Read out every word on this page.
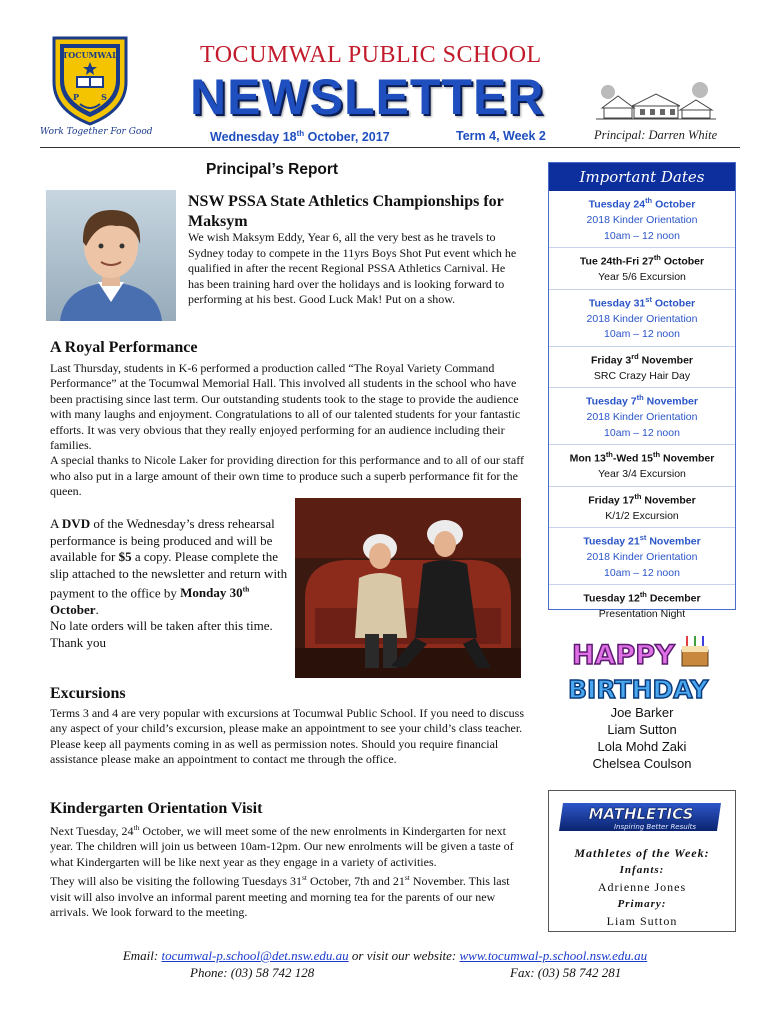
TOCUMWAL
P	S
Work Together For Good
TOCUMWAL PUBLIC SCHOOL
NEWSLETTER
Wednesday 18th October, 2017	Term 4, Week 2	Principal: Darren White
Principal’s Report
NSW PSSA State Athletics Championships for Maksym
We wish Maksym Eddy, Year 6, all the very best as he travels to Sydney today to compete in the 11yrs Boys Shot Put event which he qualified in after the recent Regional PSSA Athletics Carnival. He has been training hard over the holidays and is looking forward to performing at his best. Good Luck Mak! Put on a show.
A Royal Performance
Last Thursday, students in K-6 performed a production called “The Royal Variety Command Performance” at the Tocumwal Memorial Hall. This involved all students in the school who have been practising since last term. Our outstanding students took to the stage to provide the audience with many laughs and enjoyment. Congratulations to all of our talented students for your fantastic efforts. It was very obvious that they really enjoyed performing for an audience including their families.
A special thanks to Nicole Laker for providing direction for this performance and to all of our staff who also put in a large amount of their own time to produce such a superb performance fit for the queen.
A DVD of the Wednesday’s dress rehearsal performance is being produced and will be available for $5 a copy. Please complete the slip attached to the newsletter and return with payment to the office by Monday 30th October.
No late orders will be taken after this time. Thank you
Excursions
Terms 3 and 4 are very popular with excursions at Tocumwal Public School. If you need to discuss any aspect of your child’s excursion, please make an appointment to see your child’s class teacher. Please keep all payments coming in as well as permission notes. Should you require financial assistance please make an appointment to contact me through the office.
Kindergarten Orientation Visit
Next Tuesday, 24th October, we will meet some of the new enrolments in Kindergarten for next year. The children will join us between 10am-12pm. Our new enrolments will be given a taste of what Kindergarten will be like next year as they engage in a variety of activities.
They will also be visiting the following Tuesdays 31st October, 7th and 21st November. This last visit will also involve an informal parent meeting and morning tea for the parents of our new arrivals. We look forward to the meeting.
Important Dates
Tuesday 24th October
2018 Kinder Orientation
10am – 12 noon
Tue 24th-Fri 27th October
Year 5/6 Excursion
Tuesday 31st October
2018 Kinder Orientation
10am – 12 noon
Friday 3rd November
SRC Crazy Hair Day
Tuesday 7th November
2018 Kinder Orientation
10am – 12 noon
Mon 13th-Wed 15th November
Year 3/4 Excursion
Friday 17th November
K/1/2 Excursion
Tuesday 21st November
2018 Kinder Orientation
10am – 12 noon
Tuesday 12th December
Presentation Night
HAPPY
BIRTHDAY
Joe Barker
Liam Sutton
Lola Mohd Zaki
Chelsea Coulson
MATHLETICS
Inspiring Better Results
Mathletes of the Week:
Infants:
Adrienne Jones
Primary:
Liam Sutton
Email: tocumwal-p.school@det.nsw.edu.au or visit our website: www.tocumwal-p.school.nsw.edu.au
Phone: (03) 58 742 128	Fax: (03) 58 742 281
